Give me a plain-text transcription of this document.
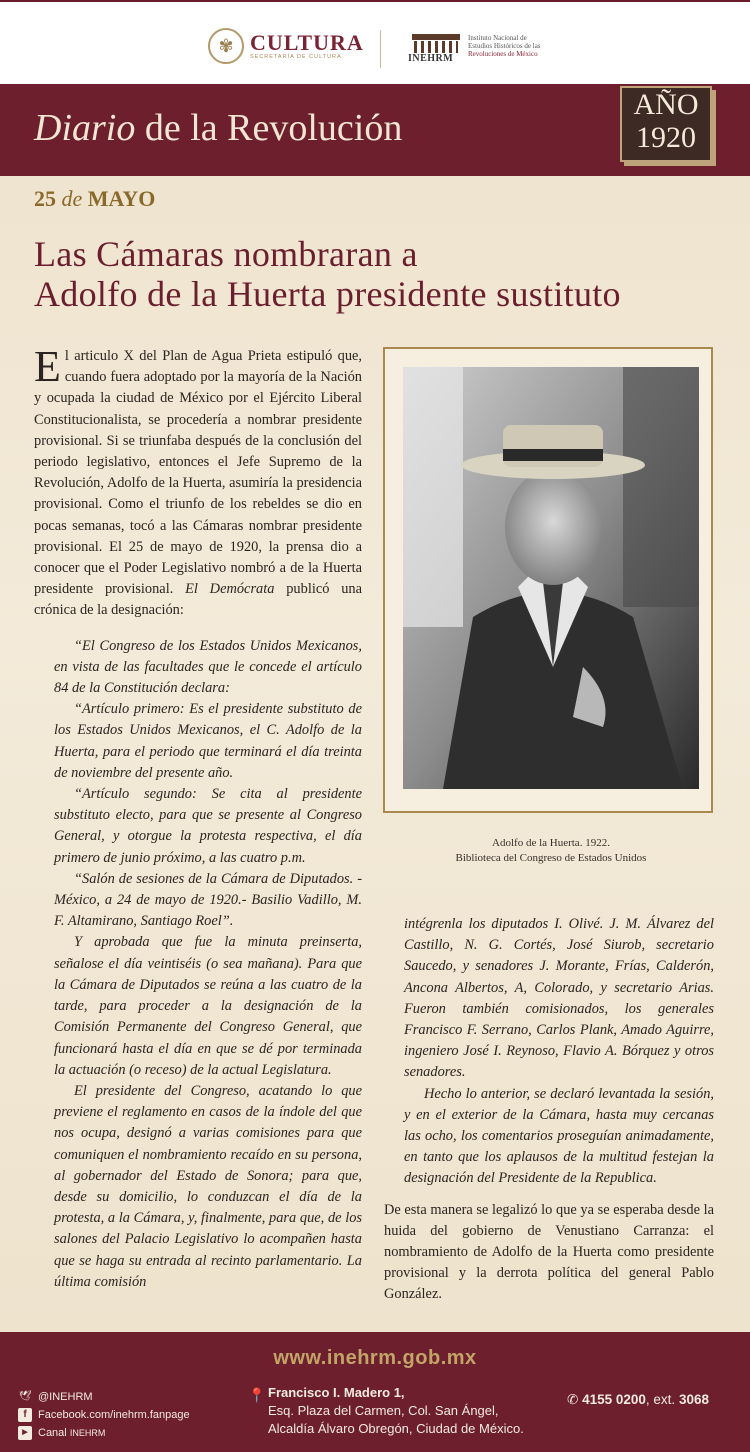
✾ CULTURA
SECRETARÍA DE CULTURA	INEHRM
Instituto Nacional de
Estudios Históricos de las
Revoluciones de México
Diario de la Revolución
AÑO
1920
25 de MAYO
Las Cámaras nombraran a
Adolfo de la Huerta presidente sustituto

El articulo X del Plan de Agua Prieta estipuló que, cuando fuera adoptado por la mayoría de la Nación y ocupada la ciudad de México por el Ejército Liberal Constitucionalista, se procedería a nombrar presidente provisional. Si se triunfaba después de la conclusión del periodo legislativo, entonces el Jefe Supremo de la Revolución, Adolfo de la Huerta, asumiría la presidencia provisional. Como el triunfo de los rebeldes se dio en pocas semanas, tocó a las Cámaras nombrar presidente provisional. El 25 de mayo de 1920, la prensa dio a conocer que el Poder Legislativo nombró a de la Huerta presidente provisional. El Demócrata publicó una crónica de la designación:

“El Congreso de los Estados Unidos Mexicanos, en vista de las facultades que le concede el artículo 84 de la Constitución declara:

“Artículo primero: Es el presidente substituto de los Estados Unidos Mexicanos, el C. Adolfo de la Huerta, para el periodo que terminará el día treinta de noviembre del presente año.

“Artículo segundo: Se cita al presidente substituto electo, para que se presente al Congreso General, y otorgue la protesta respectiva, el día primero de junio próximo, a las cuatro p.m.

“Salón de sesiones de la Cámara de Diputados. - México, a 24 de mayo de 1920.- Basilio Vadillo, M. F. Altamirano, Santiago Roel”.

Y aprobada que fue la minuta preinserta, señalose el día veintiséis (o sea mañana). Para que la Cámara de Diputados se reúna a las cuatro de la tarde, para proceder a la designación de la Comisión Permanente del Congreso General, que funcionará hasta el día en que se dé por terminada la actuación (o receso) de la actual Legislatura.

El presidente del Congreso, acatando lo que previene el reglamento en casos de la índole del que nos ocupa, designó a varias comisiones para que comuniquen el nombramiento recaído en su persona, al gobernador del Estado de Sonora; para que, desde su domicilio, lo conduzcan el día de la protesta, a la Cámara, y, finalmente, para que, de los salones del Palacio Legislativo lo acompañen hasta que se haga su entrada al recinto parlamentario. La última comisión

Adolfo de la Huerta. 1922.
Biblioteca del Congreso de Estados Unidos

intégrenla los diputados I. Olivé. J. M. Álvarez del Castillo, N. G. Cortés, José Siurob, secretario Saucedo, y senadores J. Morante, Frías, Calderón, Ancona Albertos, A, Colorado, y secretario Arias. Fueron también comisionados, los generales Francisco F. Serrano, Carlos Plank, Amado Aguirre, ingeniero José I. Reynoso, Flavio A. Bórquez y otros senadores.

Hecho lo anterior, se declaró levantada la sesión, y en el exterior de la Cámara, hasta muy cercanas las ocho, los comentarios proseguían animadamente, en tanto que los aplausos de la multitud festejan la designación del Presidente de la Republica.

De esta manera se legalizó lo que ya se esperaba desde la huida del gobierno de Venustiano Carranza: el nombramiento de Adolfo de la Huerta como presidente provisional y la derrota política del general Pablo González.

www.inehrm.gob.mx
🕊 @INEHRM
f	Facebook.com/inehrm.fanpage
▶ Canal
INEHRM
📍 Francisco I. Madero 1,
Esq. Plaza del Carmen, Col. San Ángel,
Alcaldía Álvaro Obregón, Ciudad de México.
✆ 4155 0200, ext. 3068
